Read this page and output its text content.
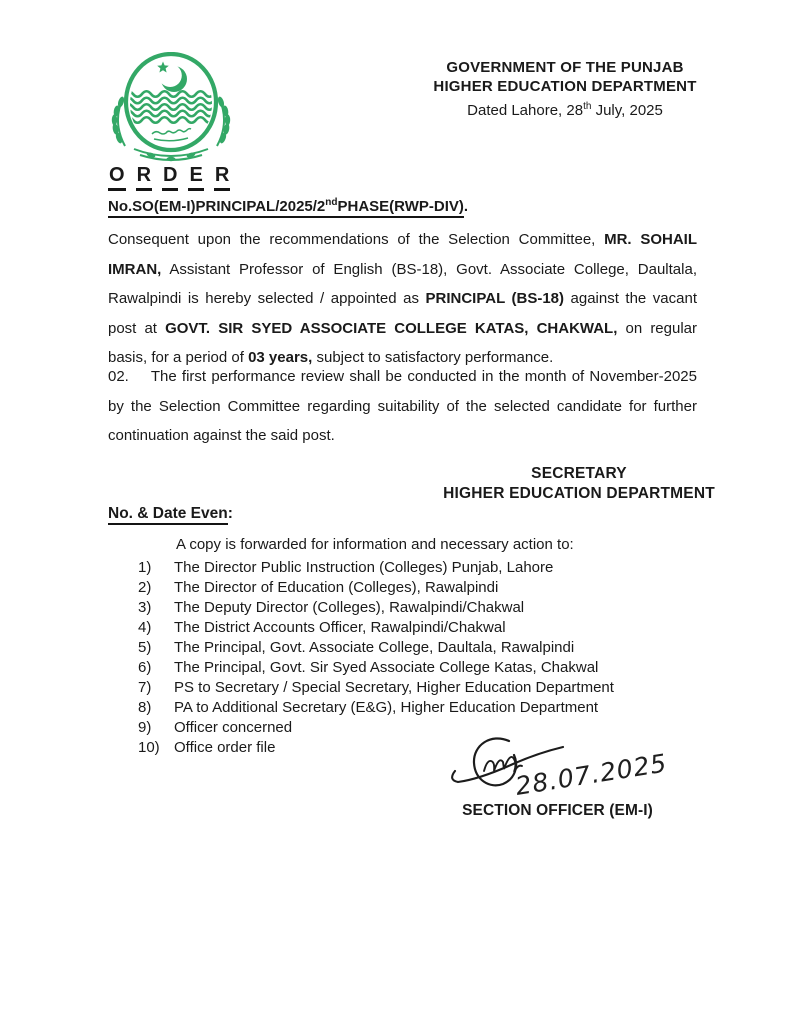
GOVERNMENT OF THE PUNJAB
HIGHER EDUCATION DEPARTMENT
Dated Lahore, 28th July, 2025
O R D E R
No.SO(EM-I)PRINCIPAL/2025/2ndPHASE(RWP-DIV).

Consequent upon the recommendations of the Selection Committee, MR. SOHAIL IMRAN, Assistant Professor of English (BS-18), Govt. Associate College, Daultala, Rawalpindi is hereby selected / appointed as PRINCIPAL (BS-18) against the vacant post at GOVT. SIR SYED ASSOCIATE COLLEGE KATAS, CHAKWAL, on regular basis, for a period of 03 years, subject to satisfactory performance.

02. The first performance review shall be conducted in the month of November-2025 by the Selection Committee regarding suitability of the selected candidate for further continuation against the said post.

SECRETARY
HIGHER EDUCATION DEPARTMENT
No. & Date Even:
A copy is forwarded for information and necessary action to:
1)	The Director Public Instruction (Colleges) Punjab, Lahore
2)	The Director of Education (Colleges), Rawalpindi
3)	The Deputy Director (Colleges), Rawalpindi/Chakwal
4)	The District Accounts Officer, Rawalpindi/Chakwal
5)	The Principal, Govt. Associate College, Daultala, Rawalpindi
6)	The Principal, Govt. Sir Syed Associate College Katas, Chakwal
7)	PS to Secretary / Special Secretary, Higher Education Department
8)	PA to Additional Secretary (E&G), Higher Education Department
9)	Officer concerned
10) Office order file
28.07.2025
SECTION OFFICER (EM-I)
